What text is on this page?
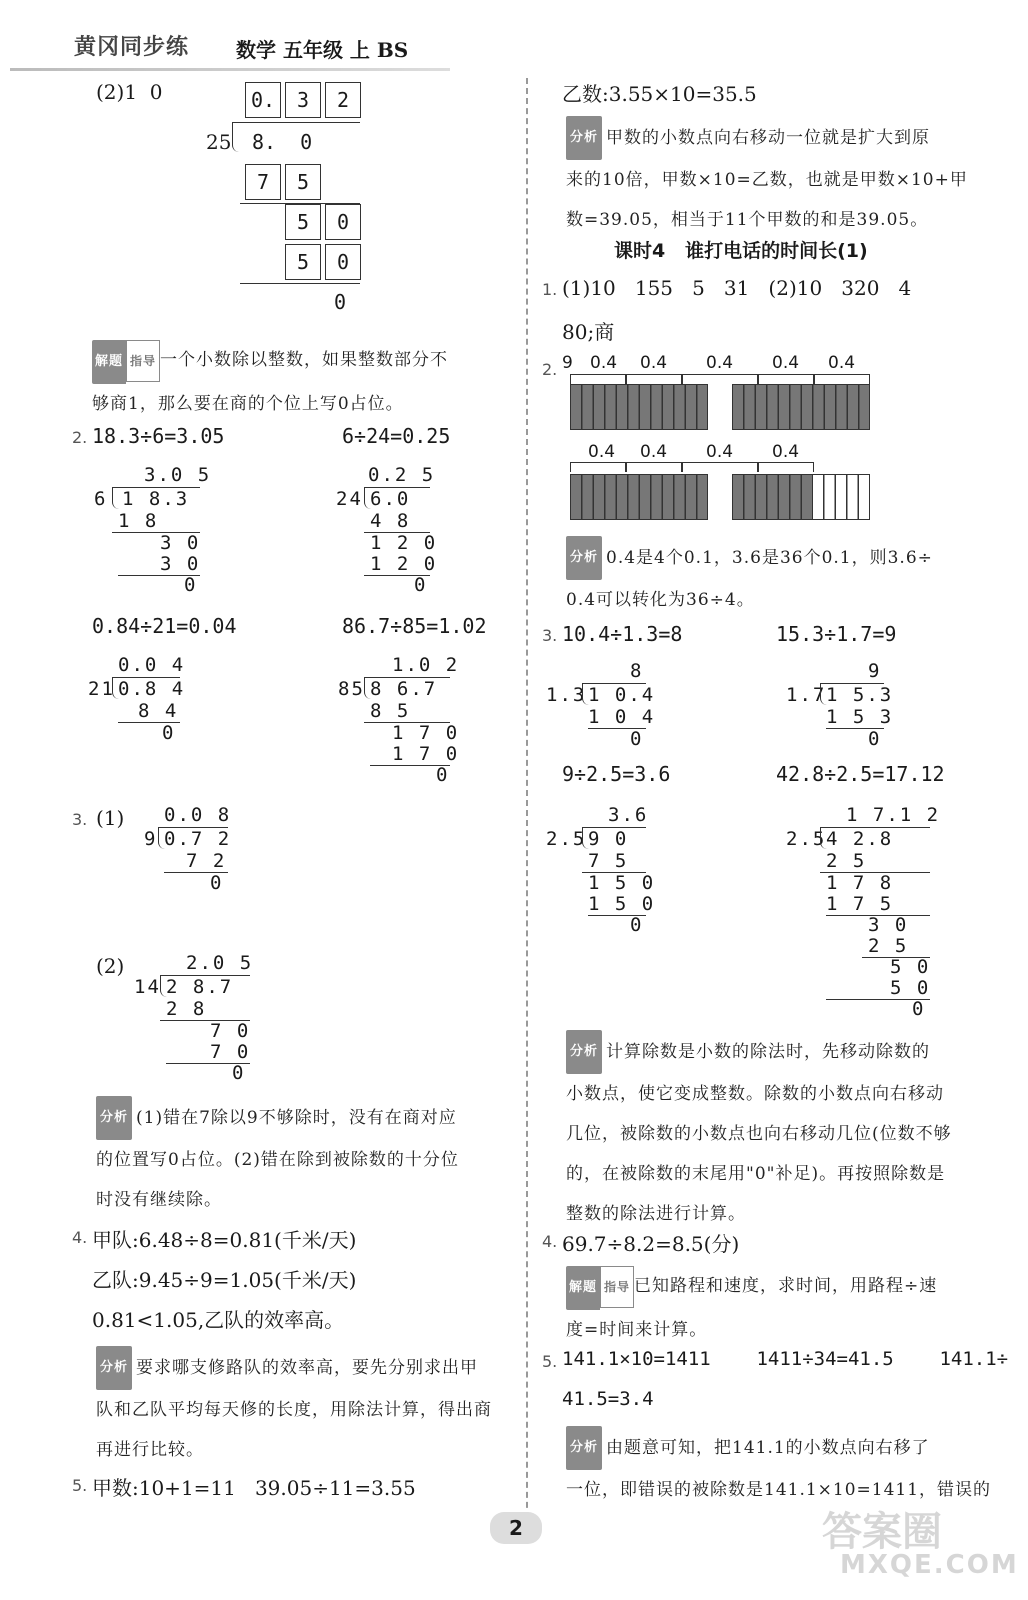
黄冈同步练 数学 五年级 上 BS
(2)1  0	0.	3	2
25 8.  0
7	5
5	0
5	0
0
解题 指导 一个小数除以整数，如果整数部分不
够商1，那么要在商的个位上写0占位。
2. 18.3÷6=3.05	6÷24=0.25
3.0 5
6 1 8.3
1 8
3 0
3 0
0
0.2 5
24 6.0
4 8
1 2 0
1 2 0
0
0.84÷21=0.04	86.7÷85=1.02
0.0 4
21 0.8 4
8 4
0
1.0 2
85 8 6.7
8 5
1 7 0
1 7 0
0
3. (1) 0.0 8
9 0.7 2
7 2
0
(2)	2.0 5
14 2 8.7
2 8
7 0
7 0
0
分析 (1)错在7除以9不够除时，没有在商对应
的位置写0占位。(2)错在除到被除数的十分位
时没有继续除。
4. 甲队:6.48÷8=0.81(千米/天)
乙队:9.45÷9=1.05(千米/天)
0.81<1.05,乙队的效率高。
分析 要求哪支修路队的效率高，要先分别求出甲
队和乙队平均每天修的长度，用除法计算，得出商
再进行比较。
5. 甲数:10+1=11   39.05÷11=3.55
乙数:3.55×10=35.5
分析 甲数的小数点向右移动一位就是扩大到原
来的10倍，甲数×10=乙数，也就是甲数×10+甲
数=39.05，相当于11个甲数的和是39.05。
课时4   谁打电话的时间长(1)
1. (1)10   155   5   31   (2)10   320   4
80;商
2. 9 0.4 0.4 0.4 0.4 0.4
0.4 0.4 0.4 0.4
分析 0.4是4个0.1，3.6是36个0.1，则3.6÷
0.4可以转化为36÷4。
3. 10.4÷1.3=8	15.3÷1.7=9
8
1.3 1 0.4
1 0 4
0
9
1.7 1 5.3
1 5 3
0
9÷2.5=3.6	42.8÷2.5=17.12
3.6
2.5 9 0
7 5
1 5 0
1 5 0
0
1 7.1 2
2.5 4 2.8
2 5
1 7 8
1 7 5
3 0
2 5
5 0
5 0
0
分析 计算除数是小数的除法时，先移动除数的
小数点，使它变成整数。除数的小数点向右移动
几位，被除数的小数点也向右移动几位(位数不够
的，在被除数的末尾用"0"补足)。再按照除数是
整数的除法进行计算。
4. 69.7÷8.2=8.5(分)
解题 指导 已知路程和速度，求时间，用路程÷速
度=时间来计算。
5. 141.1×10=1411    1411÷34=41.5    141.1÷
41.5=3.4
分析 由题意可知，把141.1的小数点向右移了
一位，即错误的被除数是141.1×10=1411，错误的
2	答案圈
MXQE.COM
